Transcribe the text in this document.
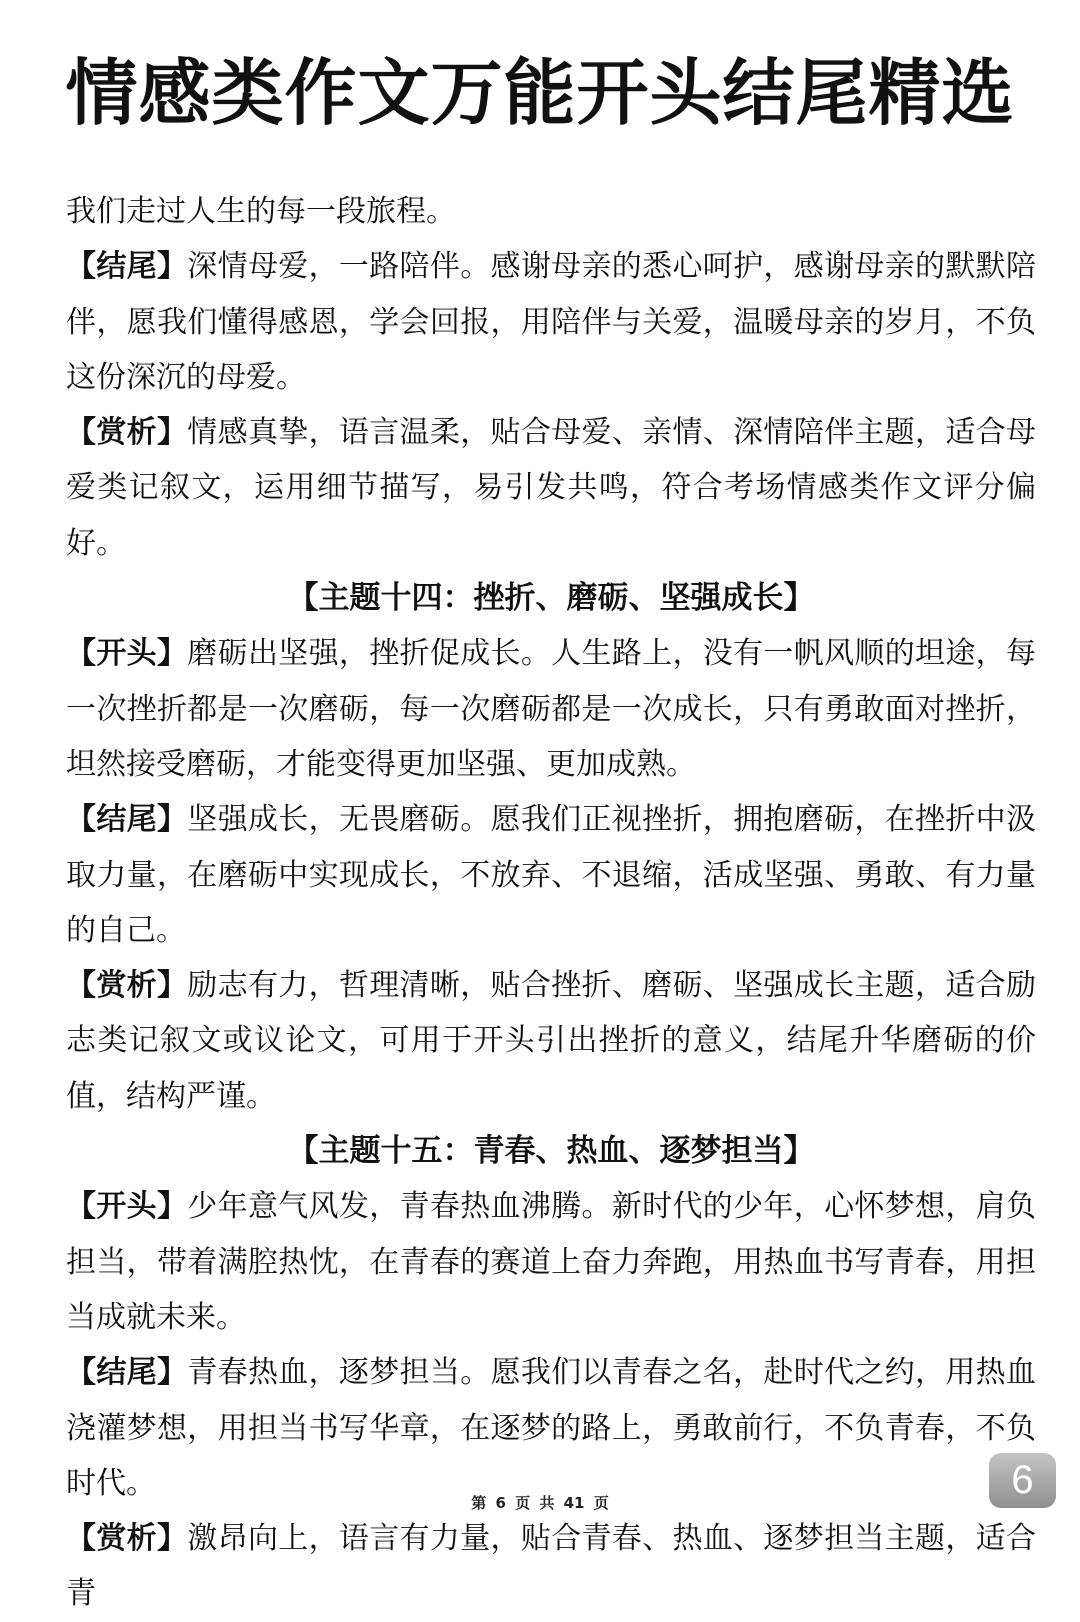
情感类作文万能开头结尾精选

我们走过人生的每一段旅程。

【结尾】深情母爱，一路陪伴。感谢母亲的悉心呵护，感谢母亲的默默陪伴，愿我们懂得感恩，学会回报，用陪伴与关爱，温暖母亲的岁月，不负这份深沉的母爱。

【赏析】情感真挚，语言温柔，贴合母爱、亲情、深情陪伴主题，适合母爱类记叙文，运用细节描写，易引发共鸣，符合考场情感类作文评分偏好。

【主题十四：挫折、磨砺、坚强成长】

【开头】磨砺出坚强，挫折促成长。人生路上，没有一帆风顺的坦途，每一次挫折都是一次磨砺，每一次磨砺都是一次成长，只有勇敢面对挫折，坦然接受磨砺，才能变得更加坚强、更加成熟。

【结尾】坚强成长，无畏磨砺。愿我们正视挫折，拥抱磨砺，在挫折中汲取力量，在磨砺中实现成长，不放弃、不退缩，活成坚强、勇敢、有力量的自己。

【赏析】励志有力，哲理清晰，贴合挫折、磨砺、坚强成长主题，适合励志类记叙文或议论文，可用于开头引出挫折的意义，结尾升华磨砺的价值，结构严谨。

【主题十五：青春、热血、逐梦担当】

【开头】少年意气风发，青春热血沸腾。新时代的少年，心怀梦想，肩负担当，带着满腔热忱，在青春的赛道上奋力奔跑，用热血书写青春，用担当成就未来。

【结尾】青春热血，逐梦担当。愿我们以青春之名，赴时代之约，用热血浇灌梦想，用担当书写华章，在逐梦的路上，勇敢前行，不负青春，不负时代。

【赏析】激昂向上，语言有力量，贴合青春、热血、逐梦担当主题，适合青

6
第 6 页 共 41 页
